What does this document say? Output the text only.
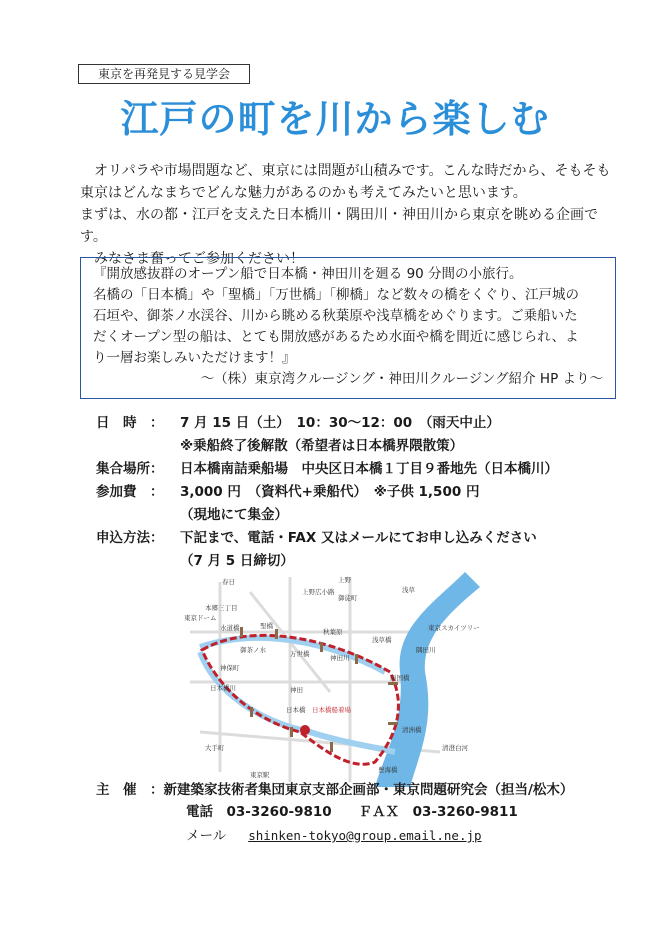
東京を再発見する見学会
江戸の町を川から楽しむ

　オリパラや市場問題など、東京には問題が山積みです。こんな時だから、そもそも

東京はどんなまちでどんな魅力があるのかも考えてみたいと思います。

まずは、水の都・江戸を支えた日本橋川・隅田川・神田川から東京を眺める企画です。

　みなさま奮ってご参加ください！

『開放感抜群のオープン船で日本橋・神田川を廻る 90 分間の小旅行。

名橋の「日本橋」や「聖橋」「万世橋」「柳橋」など数々の橋をくぐり、江戸城の

石垣や、御茶ノ水渓谷、川から眺める秋葉原や浅草橋をめぐります。ご乗船いた

だくオープン型の船は、とても開放感があるため水面や橋を間近に感じられ、よ

り一層お楽しみいただけます！』

～（株）東京湾クルージング・神田川クルージング紹介 HP より～

日　時　：	7 月 15 日（土）　10：30～12：00　（雨天中止）
※乗船終了後解散（希望者は日本橋界隈散策）
集合場所：	日本橋南詰乗船場　中央区日本橋１丁目９番地先（日本橋川）
参加費　：	3,000 円　（資料代+乗船代）　※子供 1,500 円
（現地にて集金）
申込方法：	下記まで、電話・FAX 又はメールにてお申し込みください
（7 月 5 日締切）
春日	上野
上野広小路
御徒町
浅草
本郷三丁目
東京ドーム
水道橋	聖橋
秋葉原
浅草橋
東京スカイツリー
御茶ノ水	万世橋	神田川
神保町
隅田川
両国橋
日本橋川	神田
日本橋 日本橋船着場
大手町
東京駅
清洲橋
清澄白河
豊海橋
主　催　：新建築家技術者集団東京支部企画部・東京問題研究会（担当/松木）
電話　03-3260-9810　　ＦＡＸ　03-3260-9811
メール shinken-tokyo@group.email.ne.jp
